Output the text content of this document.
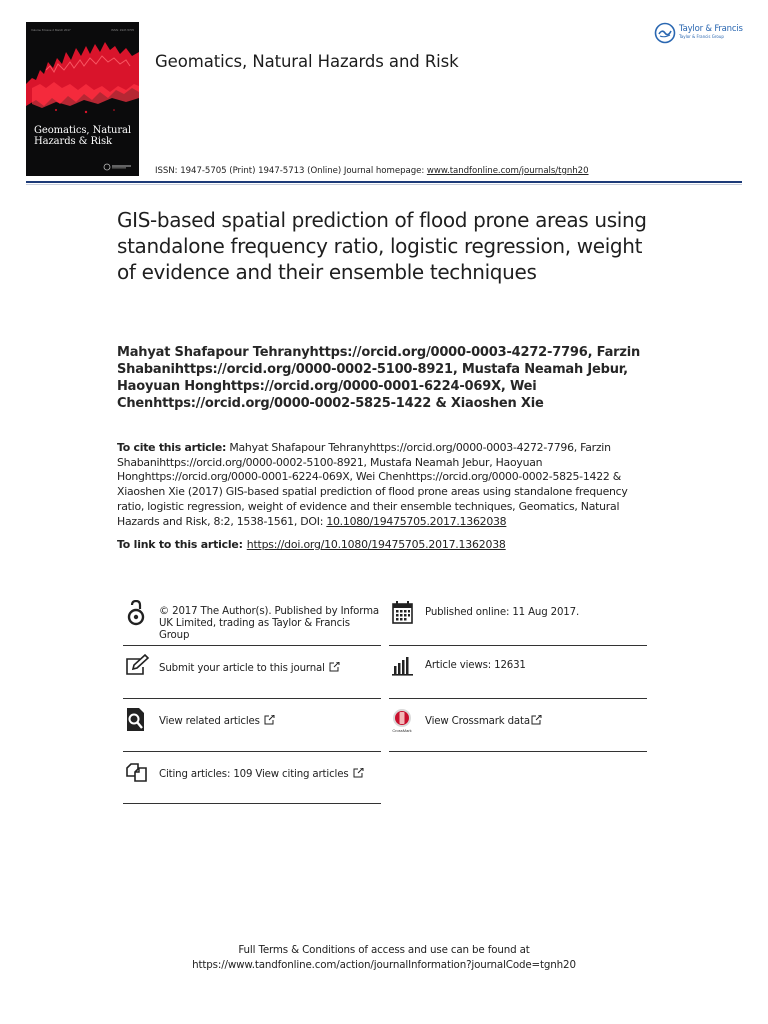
Volume 8 Issue 2 March 2017	ISSN: 1947-5705
Geomatics, Natural Hazards & Risk
Geomatics, Natural Hazards and Risk
Taylor & Francis
Taylor & Francis Group
ISSN: 1947-5705 (Print) 1947-5713 (Online) Journal homepage: www.tandfonline.com/journals/tgnh20
GIS-based spatial prediction of flood prone areas using standalone frequency ratio, logistic regression, weight of evidence and their ensemble techniques
Mahyat Shafapour Tehranyhttps://orcid.org/0000-0003-4272-7796, Farzin Shabanihttps://orcid.org/0000-0002-5100-8921, Mustafa Neamah Jebur, Haoyuan Honghttps://orcid.org/0000-0001-6224-069X, Wei Chenhttps://orcid.org/0000-0002-5825-1422 & Xiaoshen Xie
To cite this article: Mahyat Shafapour Tehranyhttps://orcid.org/0000-0003-4272-7796, Farzin Shabanihttps://orcid.org/0000-0002-5100-8921, Mustafa Neamah Jebur, Haoyuan Honghttps://orcid.org/0000-0001-6224-069X, Wei Chenhttps://orcid.org/0000-0002-5825-1422 & Xiaoshen Xie (2017) GIS-based spatial prediction of flood prone areas using standalone frequency ratio, logistic regression, weight of evidence and their ensemble techniques, Geomatics, Natural Hazards and Risk, 8:2, 1538-1561, DOI: 10.1080/19475705.2017.1362038
To link to this article: https://doi.org/10.1080/19475705.2017.1362038
© 2017 The Author(s). Published by Informa UK Limited, trading as Taylor & Francis Group
Published online: 11 Aug 2017.
Submit your article to this journal	Article views: 12631
View related articles
CrossMark
View Crossmark data
Citing articles: 109 View citing articles
Full Terms & Conditions of access and use can be found at
https://www.tandfonline.com/action/journalInformation?journalCode=tgnh20
